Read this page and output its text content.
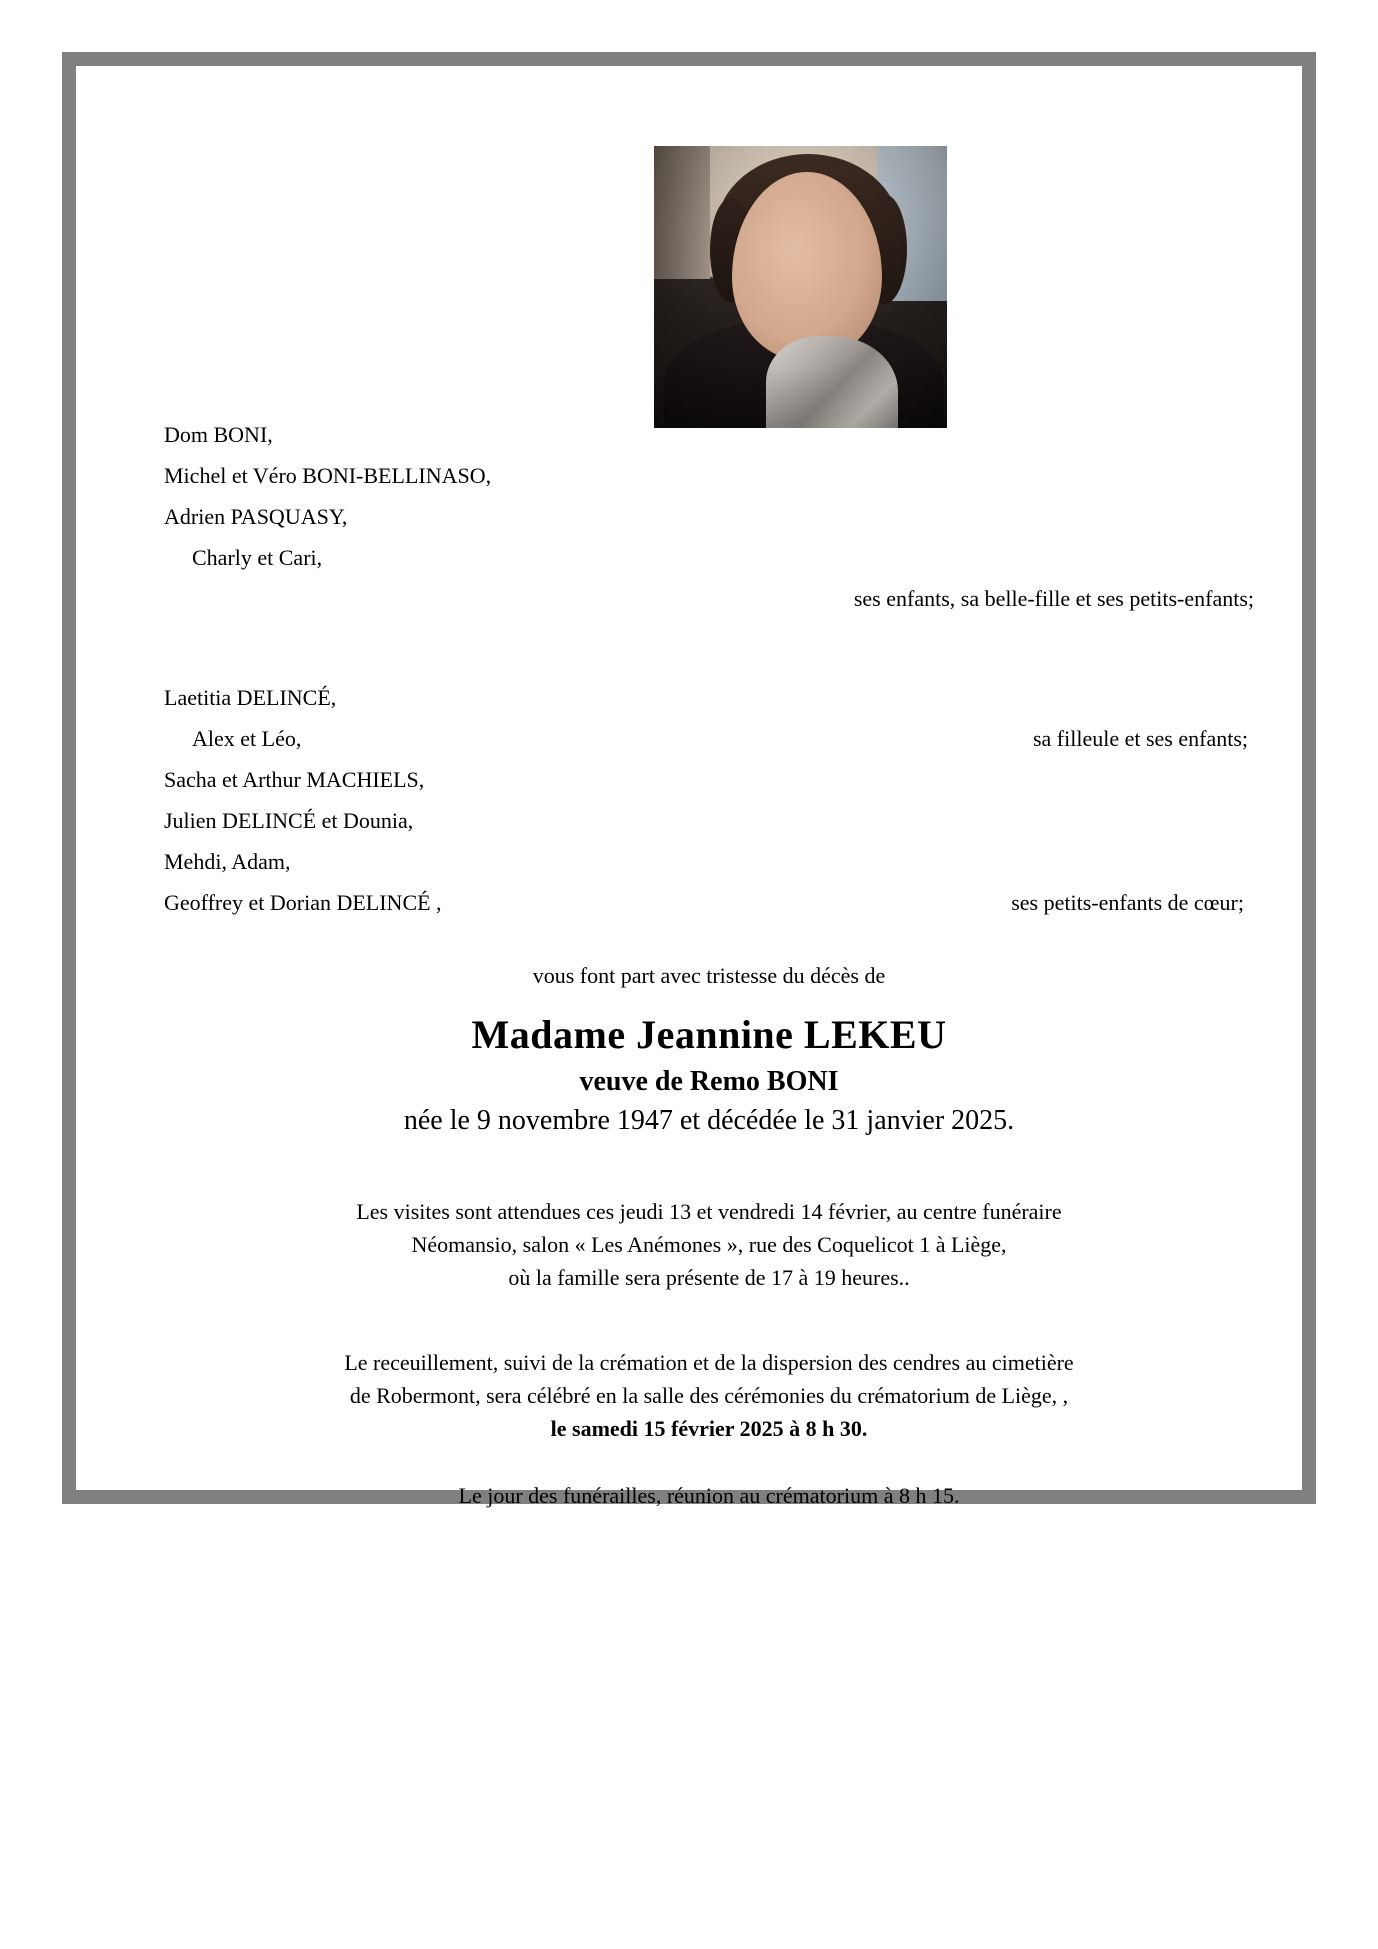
Dom BONI,
Michel et Véro BONI-BELLINASO,
Adrien PASQUASY,
Charly et Cari,
ses enfants, sa belle-fille et ses petits-enfants;
Laetitia DELINCÉ,
Alex et Léo,	sa filleule et ses enfants;
Sacha et Arthur MACHIELS,
Julien DELINCÉ et Dounia,
Mehdi, Adam,
Geoffrey et Dorian DELINCÉ ,	ses petits-enfants de cœur;
vous font part avec tristesse du décès de
Madame Jeannine LEKEU
veuve de Remo BONI
née le 9 novembre 1947 et décédée le 31 janvier 2025.
Les visites sont attendues ces jeudi 13 et vendredi 14 février, au centre funéraire
Néomansio, salon « Les Anémones », rue des Coquelicot 1 à Liège,
où la famille sera présente de 17 à 19 heures..
Le receuillement, suivi de la crémation et de la dispersion des cendres au cimetière
de Robermont, sera célébré en la salle des cérémonies du crématorium de Liège, ,
le samedi 15 février 2025 à 8 h 30.
Le jour des funérailles, réunion au crématorium à 8 h 15.
